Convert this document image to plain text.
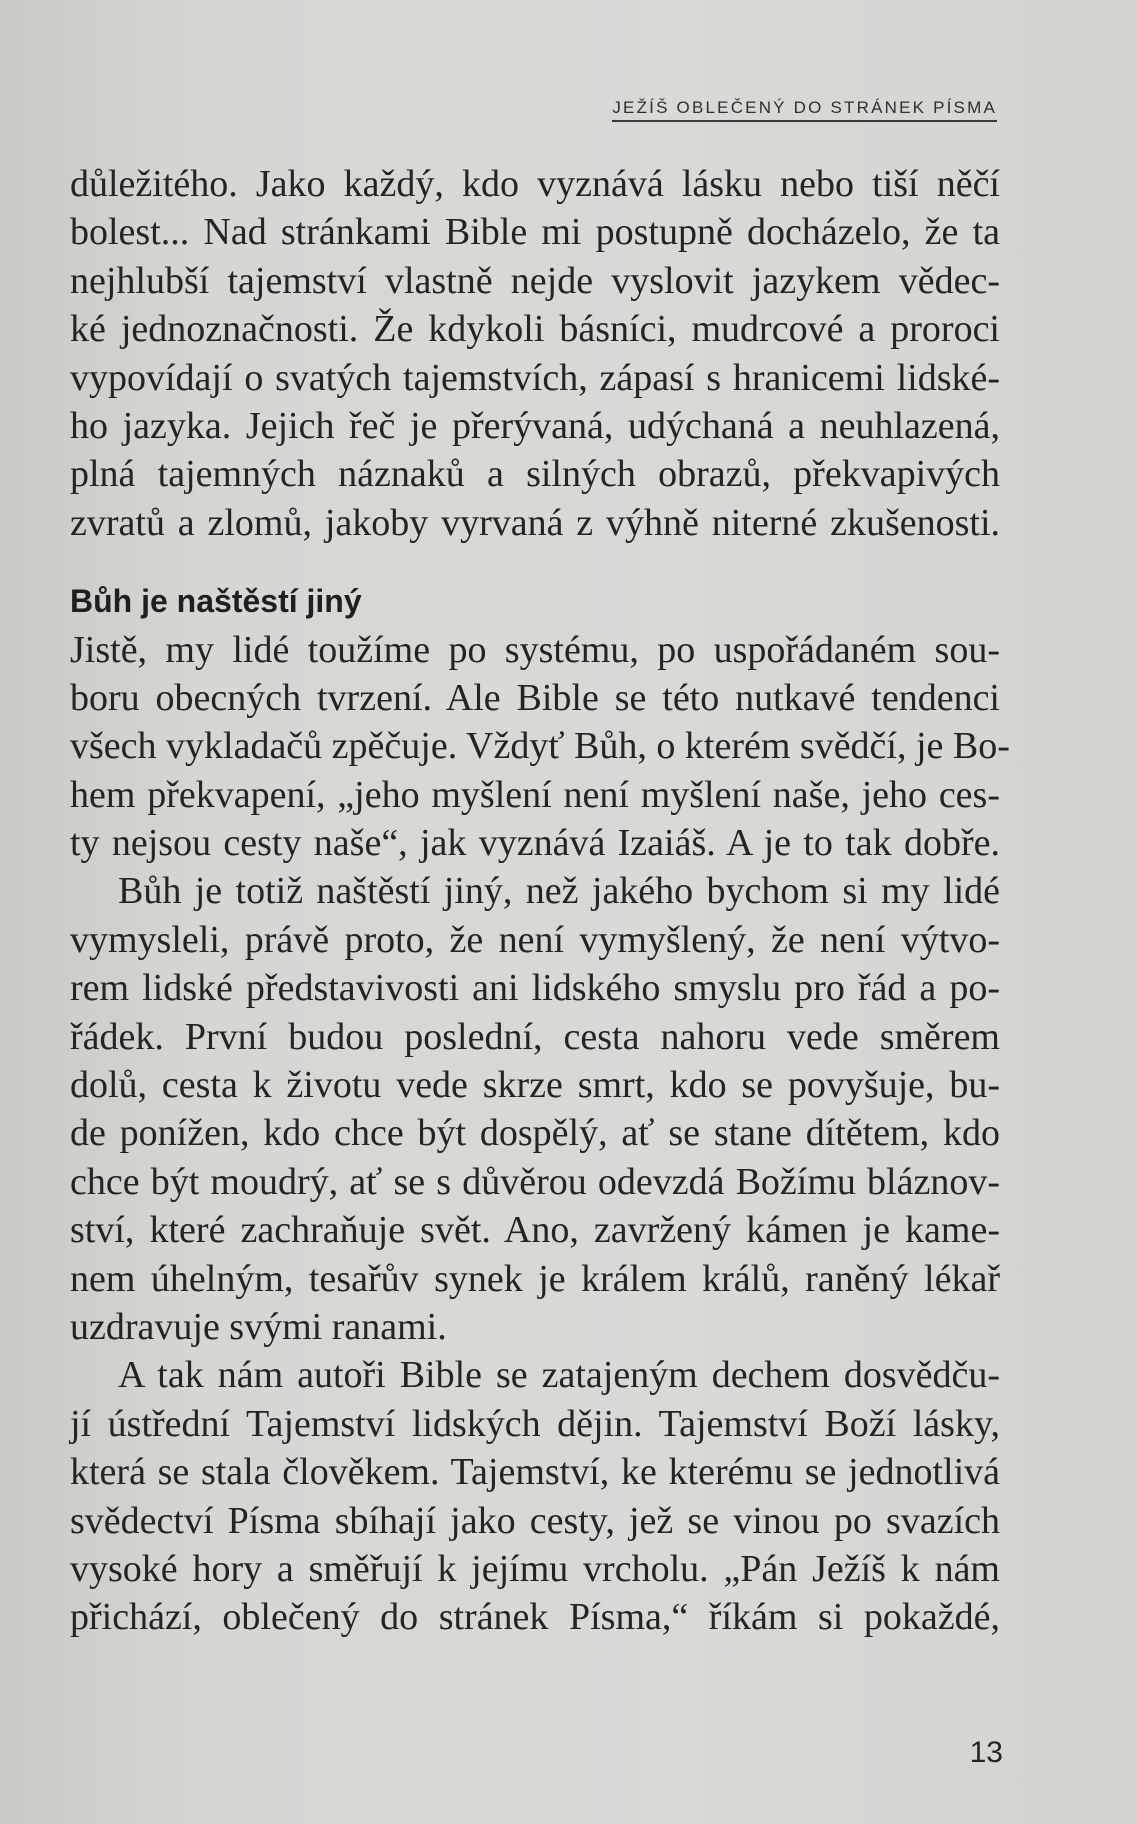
JEŽÍŠ OBLEČENÝ DO STRÁNEK PÍSMA
důležitého. Jako každý, kdo vyznává lásku nebo tiší něčí
bolest... Nad stránkami Bible mi postupně docházelo, že ta
nejhlubší tajemství vlastně nejde vyslovit jazykem vědec-
ké jednoznačnosti. Že kdykoli básníci, mudrcové a proroci
vypovídají o svatých tajemstvích, zápasí s hranicemi lidské-
ho jazyka. Jejich řeč je přerývaná, udýchaná a neuhlazená,
plná tajemných náznaků a silných obrazů, překvapivých
zvratů a zlomů, jakoby vyrvaná z výhně niterné zkušenosti.
Bůh je naštěstí jiný
Jistě, my lidé toužíme po systému, po uspořádaném sou-
boru obecných tvrzení. Ale Bible se této nutkavé tendenci
všech vykladačů zpěčuje. Vždyť Bůh, o kterém svědčí, je Bo-
hem překvapení, „jeho myšlení není myšlení naše, jeho ces-
ty nejsou cesty naše“, jak vyznává Izaiáš. A je to tak dobře.
Bůh je totiž naštěstí jiný, než jakého bychom si my lidé
vymysleli, právě proto, že není vymyšlený, že není výtvo-
rem lidské představivosti ani lidského smyslu pro řád a po-
řádek. První budou poslední, cesta nahoru vede směrem
dolů, cesta k životu vede skrze smrt, kdo se povyšuje, bu-
de ponížen, kdo chce být dospělý, ať se stane dítětem, kdo
chce být moudrý, ať se s důvěrou odevzdá Božímu bláznov-
ství, které zachraňuje svět. Ano, zavržený kámen je kame-
nem úhelným, tesařův synek je králem králů, raněný lékař
uzdravuje svými ranami.
A tak nám autoři Bible se zatajeným dechem dosvědču-
jí ústřední Tajemství lidských dějin. Tajemství Boží lásky,
která se stala člověkem. Tajemství, ke kterému se jednotlivá
svědectví Písma sbíhají jako cesty, jež se vinou po svazích
vysoké hory a směřují k jejímu vrcholu. „Pán Ježíš k nám
přichází, oblečený do stránek Písma,“ říkám si pokaždé,
13
